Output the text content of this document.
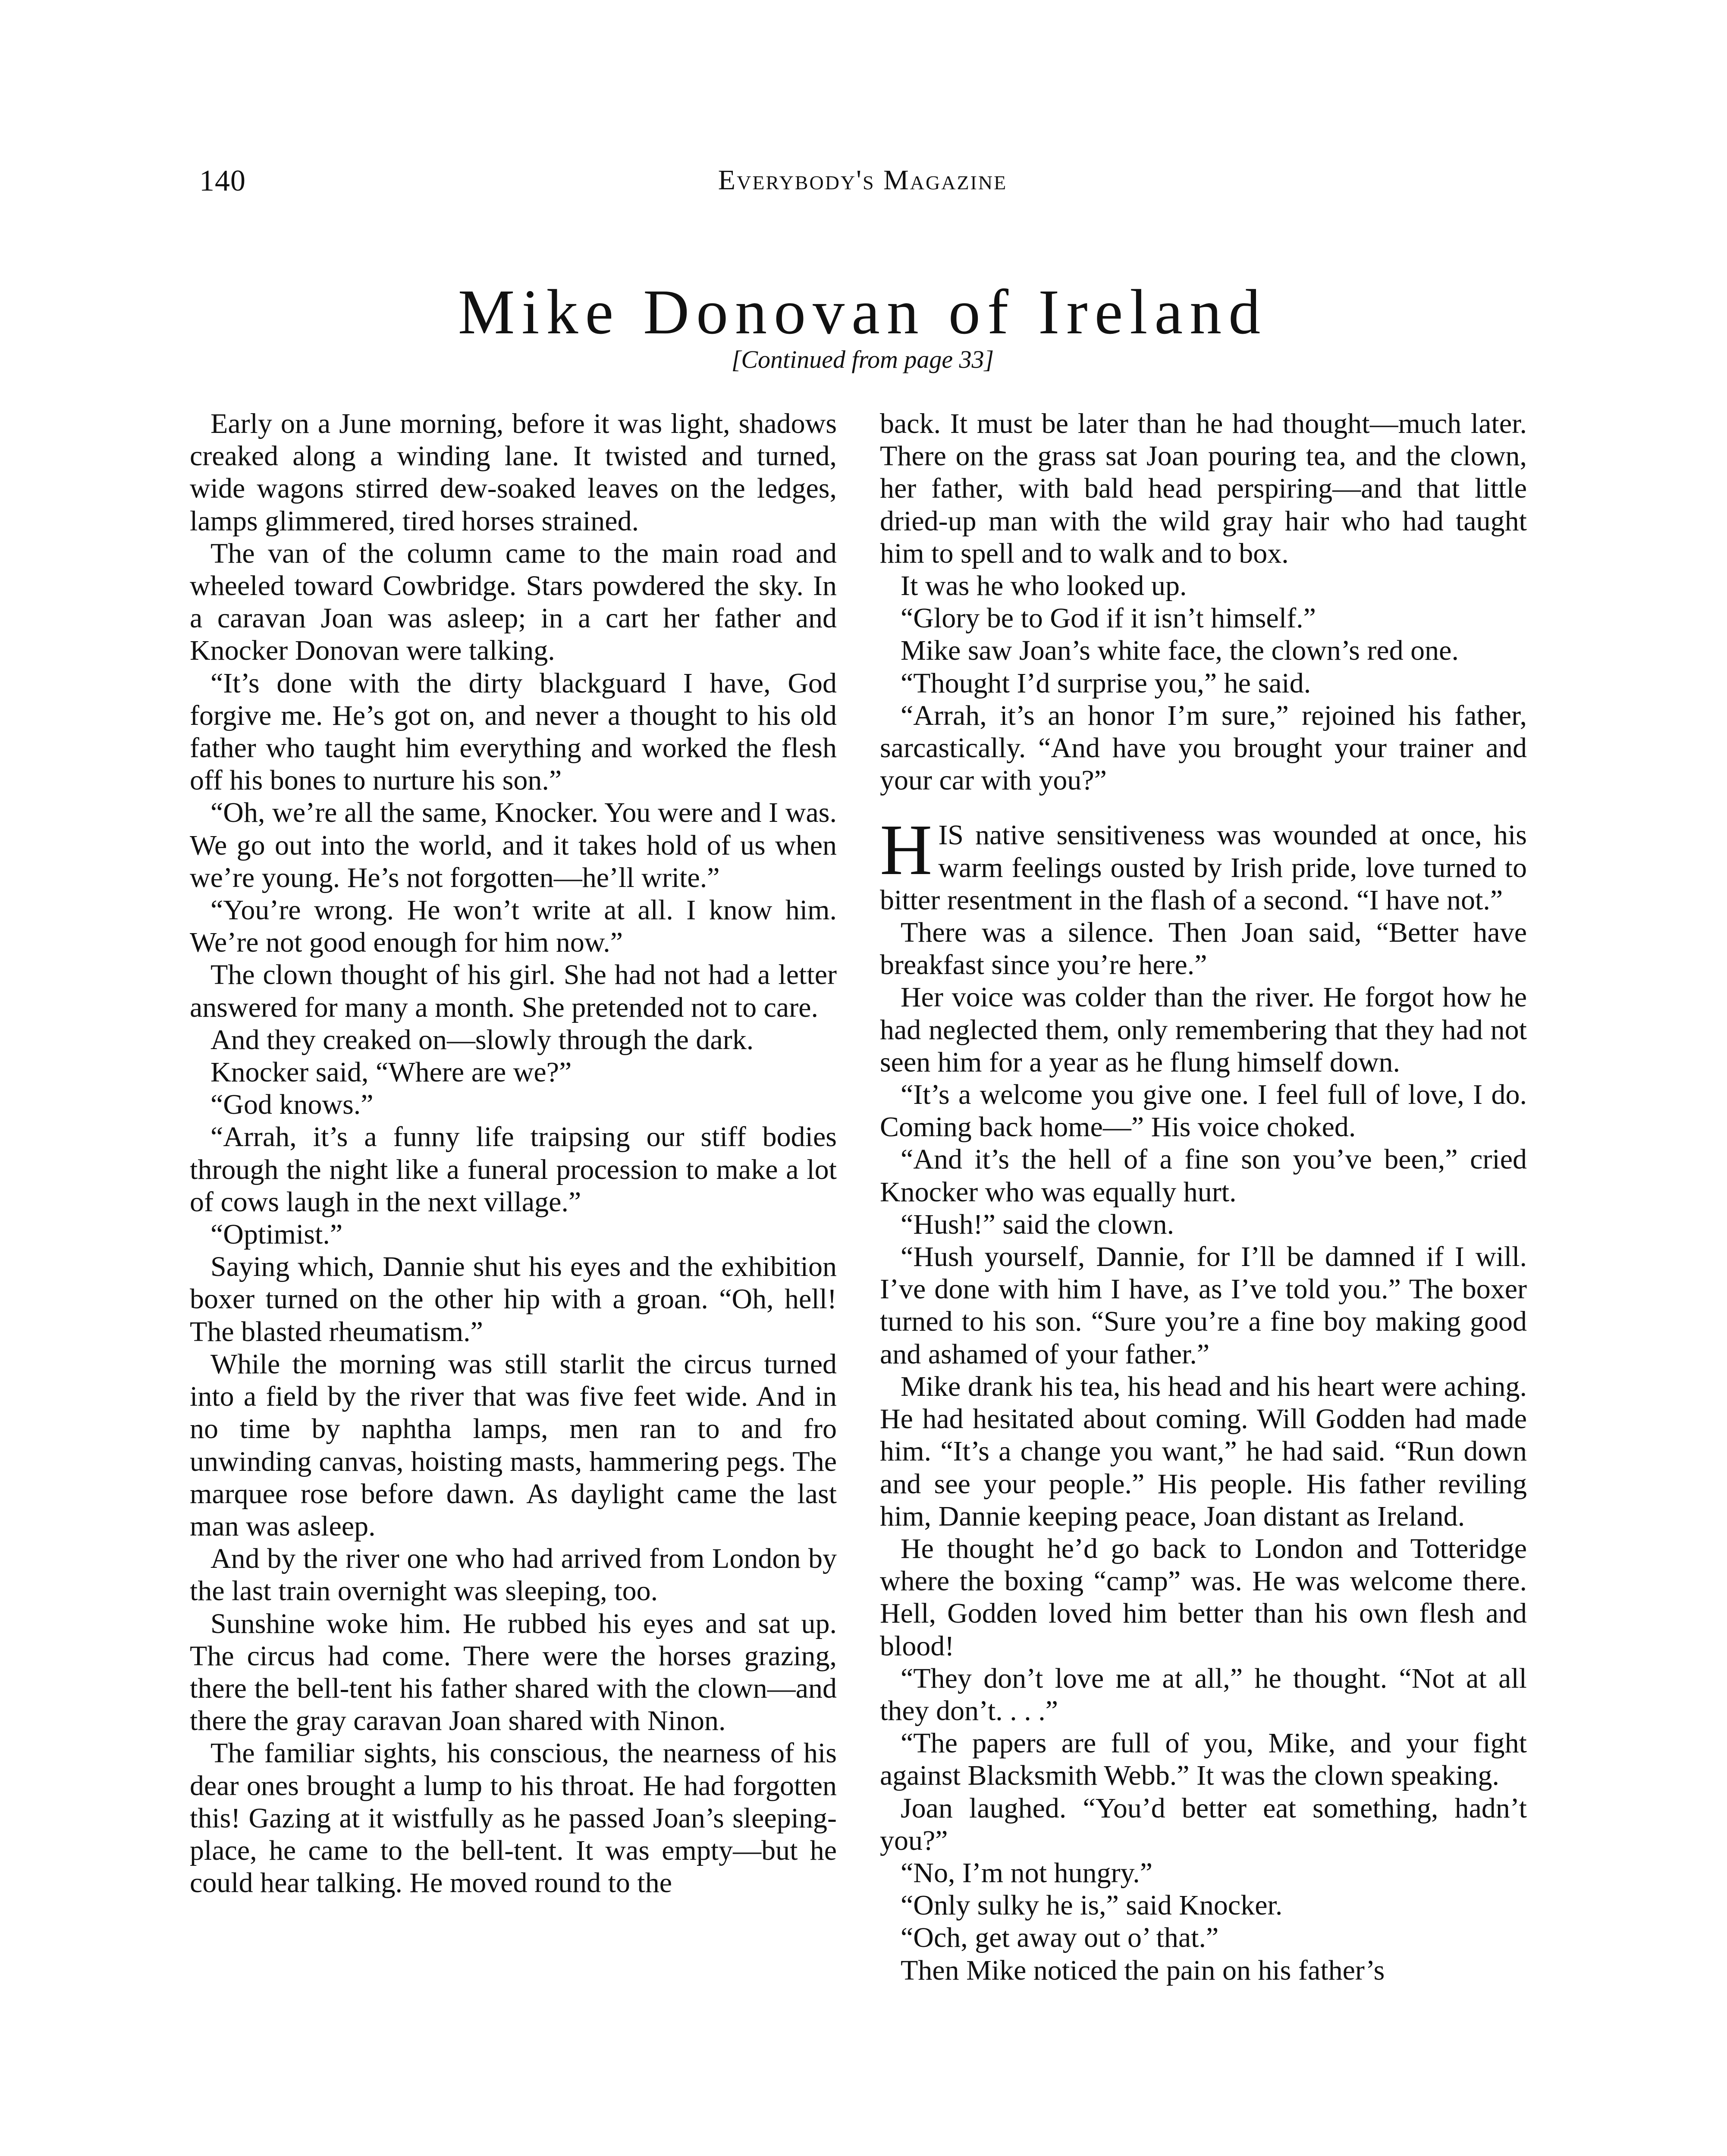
140	Everybody's Magazine
Mike Donovan of Ireland
[Continued from page 33]

Early on a June morning, before it was light, shadows creaked along a winding lane. It twisted and turned, wide wagons stirred dew-soaked leaves on the ledges, lamps glimmered, tired horses strained.

The van of the column came to the main road and wheeled toward Cowbridge. Stars powdered the sky. In a caravan Joan was asleep; in a cart her father and Knocker Donovan were talking.

“It’s done with the dirty blackguard I have, God forgive me. He’s got on, and never a thought to his old father who taught him everything and worked the flesh off his bones to nurture his son.”

“Oh, we’re all the same, Knocker. You were and I was. We go out into the world, and it takes hold of us when we’re young. He’s not forgotten—he’ll write.”

“You’re wrong. He won’t write at all. I know him. We’re not good enough for him now.”

The clown thought of his girl. She had not had a letter answered for many a month. She pretended not to care.

And they creaked on—slowly through the dark.

Knocker said, “Where are we?”

“God knows.”

“Arrah, it’s a funny life traipsing our stiff bodies through the night like a funeral procession to make a lot of cows laugh in the next village.”

“Optimist.”

Saying which, Dannie shut his eyes and the exhibition boxer turned on the other hip with a groan. “Oh, hell! The blasted rheumatism.”

While the morning was still starlit the circus turned into a field by the river that was five feet wide. And in no time by naphtha lamps, men ran to and fro unwinding canvas, hoisting masts, hammering pegs. The marquee rose before dawn. As daylight came the last man was asleep.

And by the river one who had arrived from London by the last train overnight was sleeping, too.

Sunshine woke him. He rubbed his eyes and sat up. The circus had come. There were the horses grazing, there the bell-tent his father shared with the clown—and there the gray caravan Joan shared with Ninon.

The familiar sights, his conscious, the nearness of his dear ones brought a lump to his throat. He had forgotten this! Gazing at it wistfully as he passed Joan’s sleeping-place, he came to the bell-tent. It was empty—but he could hear talking. He moved round to the

back. It must be later than he had thought—much later. There on the grass sat Joan pouring tea, and the clown, her father, with bald head perspiring—and that little dried-up man with the wild gray hair who had taught him to spell and to walk and to box.

It was he who looked up.

“Glory be to God if it isn’t himself.”

Mike saw Joan’s white face, the clown’s red one.

“Thought I’d surprise you,” he said.

“Arrah, it’s an honor I’m sure,” rejoined his father, sarcastically. “And have you brought your trainer and your car with you?”

HIS native sensitiveness was wounded at once, his warm feelings ousted by Irish pride, love turned to bitter resentment in the flash of a second. “I have not.”

There was a silence. Then Joan said, “Better have breakfast since you’re here.”

Her voice was colder than the river. He forgot how he had neglected them, only remembering that they had not seen him for a year as he flung himself down.

“It’s a welcome you give one. I feel full of love, I do. Coming back home—” His voice choked.

“And it’s the hell of a fine son you’ve been,” cried Knocker who was equally hurt.

“Hush!” said the clown.

“Hush yourself, Dannie, for I’ll be damned if I will. I’ve done with him I have, as I’ve told you.” The boxer turned to his son. “Sure you’re a fine boy making good and ashamed of your father.”

Mike drank his tea, his head and his heart were aching. He had hesitated about coming. Will Godden had made him. “It’s a change you want,” he had said. “Run down and see your people.” His people. His father reviling him, Dannie keeping peace, Joan distant as Ireland.

He thought he’d go back to London and Totteridge where the boxing “camp” was. He was welcome there. Hell, Godden loved him better than his own flesh and blood!

“They don’t love me at all,” he thought. “Not at all they don’t. . . .”

“The papers are full of you, Mike, and your fight against Blacksmith Webb.” It was the clown speaking.

Joan laughed. “You’d better eat something, hadn’t you?”

“No, I’m not hungry.”

“Only sulky he is,” said Knocker.

“Och, get away out o’ that.”

Then Mike noticed the pain on his father’s
